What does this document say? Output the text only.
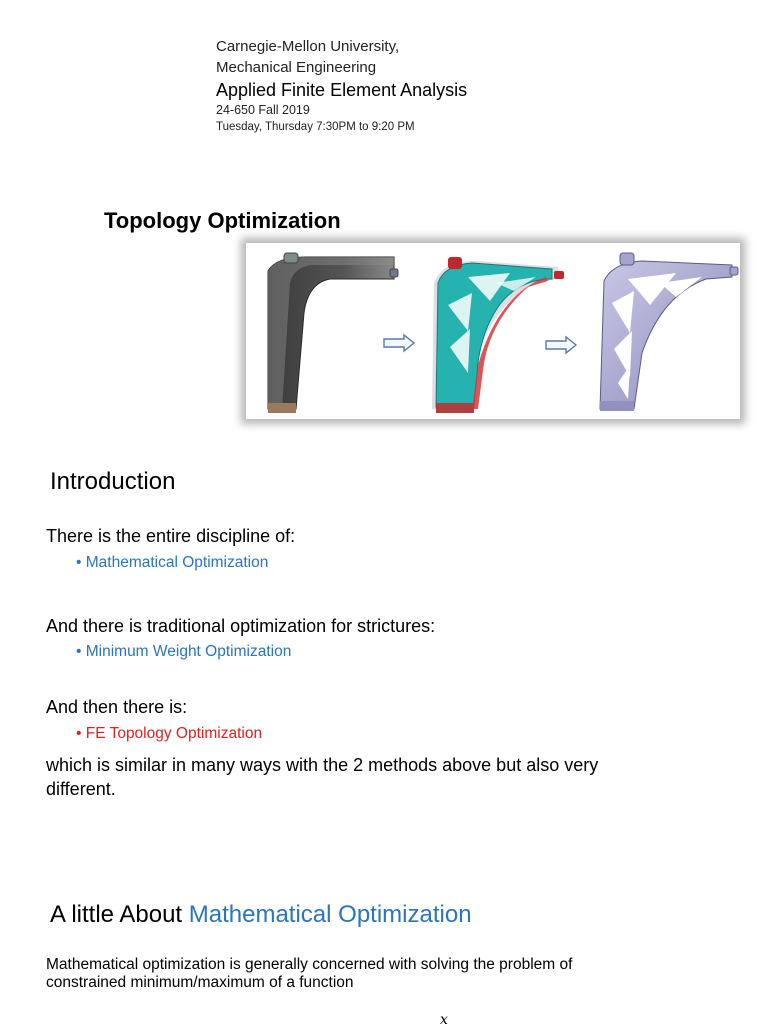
Carnegie-Mellon University,
Mechanical Engineering
Applied Finite Element Analysis
24-650 Fall 2019
Tuesday, Thursday 7:30PM to 9:20 PM
Topology Optimization
Introduction
There is the entire discipline of:
• Mathematical Optimization
And there is traditional optimization for strictures:
• Minimum Weight Optimization
And then there is:
• FE Topology Optimization
which is similar in many ways with the 2 methods above but also very
different.
A little About Mathematical Optimization
Mathematical optimization is generally concerned with solving the problem of
constrained minimum/maximum of a function
x
